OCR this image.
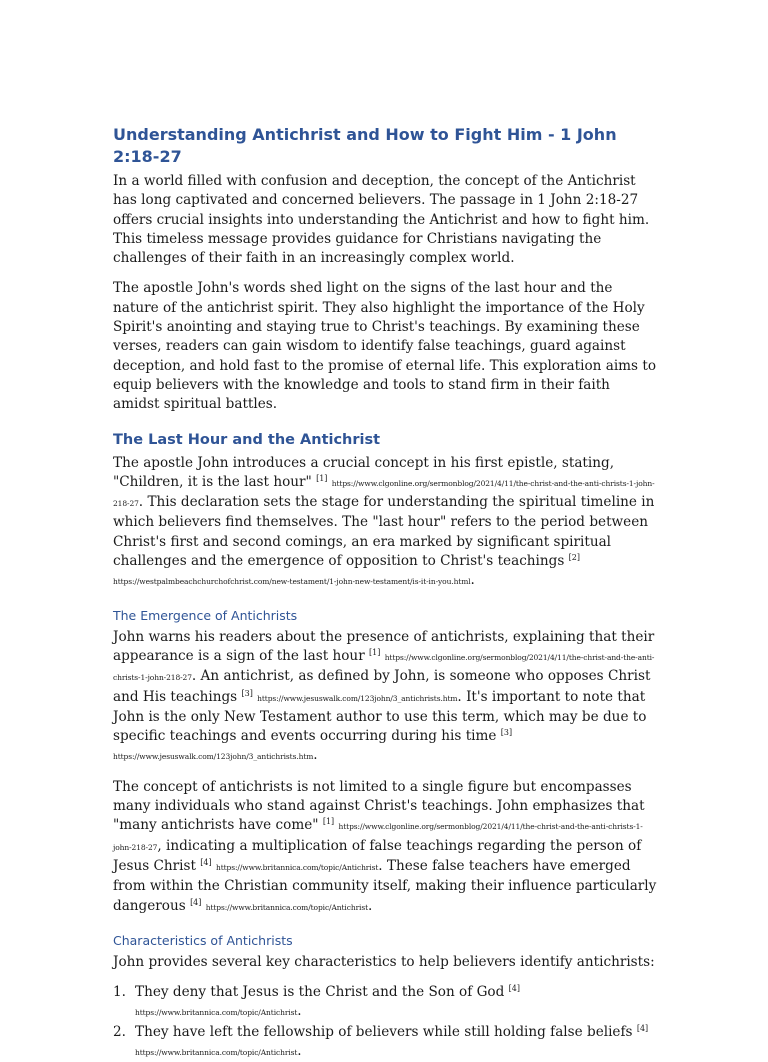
Understanding Antichrist and How to Fight Him - 1 John 2:18-27

In a world filled with confusion and deception, the concept of the Antichrist has long captivated and concerned believers. The passage in 1 John 2:18-27 offers crucial insights into understanding the Antichrist and how to fight him. This timeless message provides guidance for Christians navigating the challenges of their faith in an increasingly complex world.

The apostle John's words shed light on the signs of the last hour and the nature of the antichrist spirit. They also highlight the importance of the Holy Spirit's anointing and staying true to Christ's teachings. By examining these verses, readers can gain wisdom to identify false teachings, guard against deception, and hold fast to the promise of eternal life. This exploration aims to equip believers with the knowledge and tools to stand firm in their faith amidst spiritual battles.

The Last Hour and the Antichrist

The apostle John introduces a crucial concept in his first epistle, stating, "Children, it is the last hour" [1] https://www.clgonline.org/sermonblog/2021/4/11/the-christ-and-the-anti-christs-1-john-218-27. This declaration sets the stage for understanding the spiritual timeline in which believers find themselves. The "last hour" refers to the period between Christ's first and second comings, an era marked by significant spiritual challenges and the emergence of opposition to Christ's teachings [2] https://westpalmbeachchurchofchrist.com/new-testament/1-john-new-testament/is-it-in-you.html.

The Emergence of Antichrists

John warns his readers about the presence of antichrists, explaining that their appearance is a sign of the last hour [1] https://www.clgonline.org/sermonblog/2021/4/11/the-christ-and-the-anti-christs-1-john-218-27. An antichrist, as defined by John, is someone who opposes Christ and His teachings [3] https://www.jesuswalk.com/123john/3_antichrists.htm. It's important to note that John is the only New Testament author to use this term, which may be due to specific teachings and events occurring during his time [3] https://www.jesuswalk.com/123john/3_antichrists.htm.

The concept of antichrists is not limited to a single figure but encompasses many individuals who stand against Christ's teachings. John emphasizes that "many antichrists have come" [1] https://www.clgonline.org/sermonblog/2021/4/11/the-christ-and-the-anti-christs-1-john-218-27, indicating a multiplication of false teachings regarding the person of Jesus Christ [4] https://www.britannica.com/topic/Antichrist. These false teachers have emerged from within the Christian community itself, making their influence particularly dangerous [4] https://www.britannica.com/topic/Antichrist.

Characteristics of Antichrists

John provides several key characteristics to help believers identify antichrists:

1. They deny that Jesus is the Christ and the Son of God [4] https://www.britannica.com/topic/Antichrist.
2. They have left the fellowship of believers while still holding false beliefs [4] https://www.britannica.com/topic/Antichrist.
